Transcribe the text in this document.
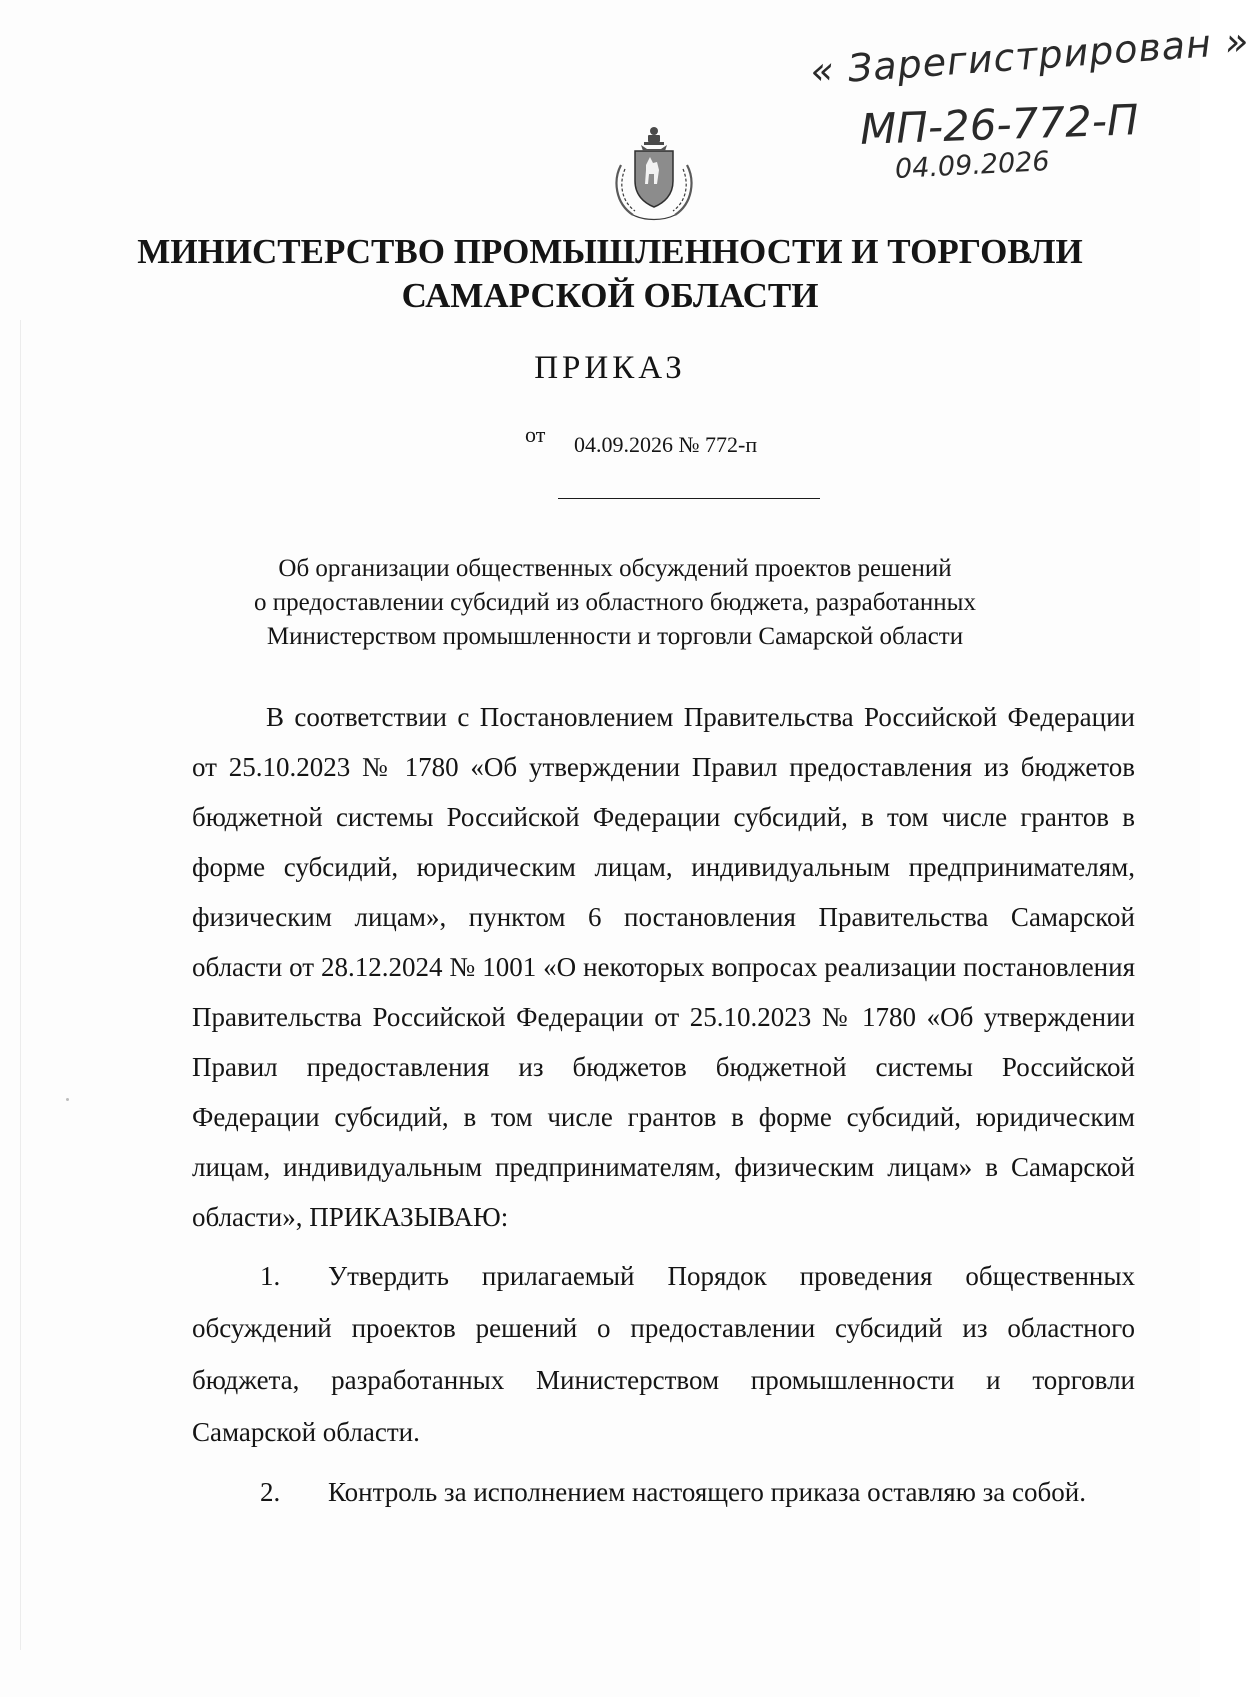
« Зарегистрирован »
МП-26-772-П
04.09.2026
МИНИСТЕРСТВО ПРОМЫШЛЕННОСТИ И ТОРГОВЛИ
САМАРСКОЙ ОБЛАСТИ
ПРИКАЗ
от 04.09.2026 № 772-п
Об организации общественных обсуждений проектов решений
о предоставлении субсидий из областного бюджета, разработанных
Министерством промышленности и торговли Самарской области

В соответствии с Постановлением Правительства Российской Федерации от 25.10.2023 № 1780 «Об утверждении Правил предоставления из бюджетов бюджетной системы Российской Федерации субсидий, в том числе грантов в форме субсидий, юридическим лицам, индивидуальным предпринимателям, физическим лицам», пунктом 6 постановления Правительства Самарской области от 28.12.2024 № 1001 «О некоторых вопросах реализации постановления Правительства Российской Федерации от 25.10.2023 № 1780 «Об утверждении Правил предоставления из бюджетов бюджетной системы Российской Федерации субсидий, в том числе грантов в форме субсидий, юридическим лицам, индивидуальным предпринимателям, физическим лицам» в Самарской области», ПРИКАЗЫВАЮ:

1. Утвердить прилагаемый Порядок проведения общественных обсуждений проектов решений о предоставлении субсидий из областного бюджета, разработанных Министерством промышленности и торговли Самарской области.

2. Контроль за исполнением настоящего приказа оставляю за собой.
